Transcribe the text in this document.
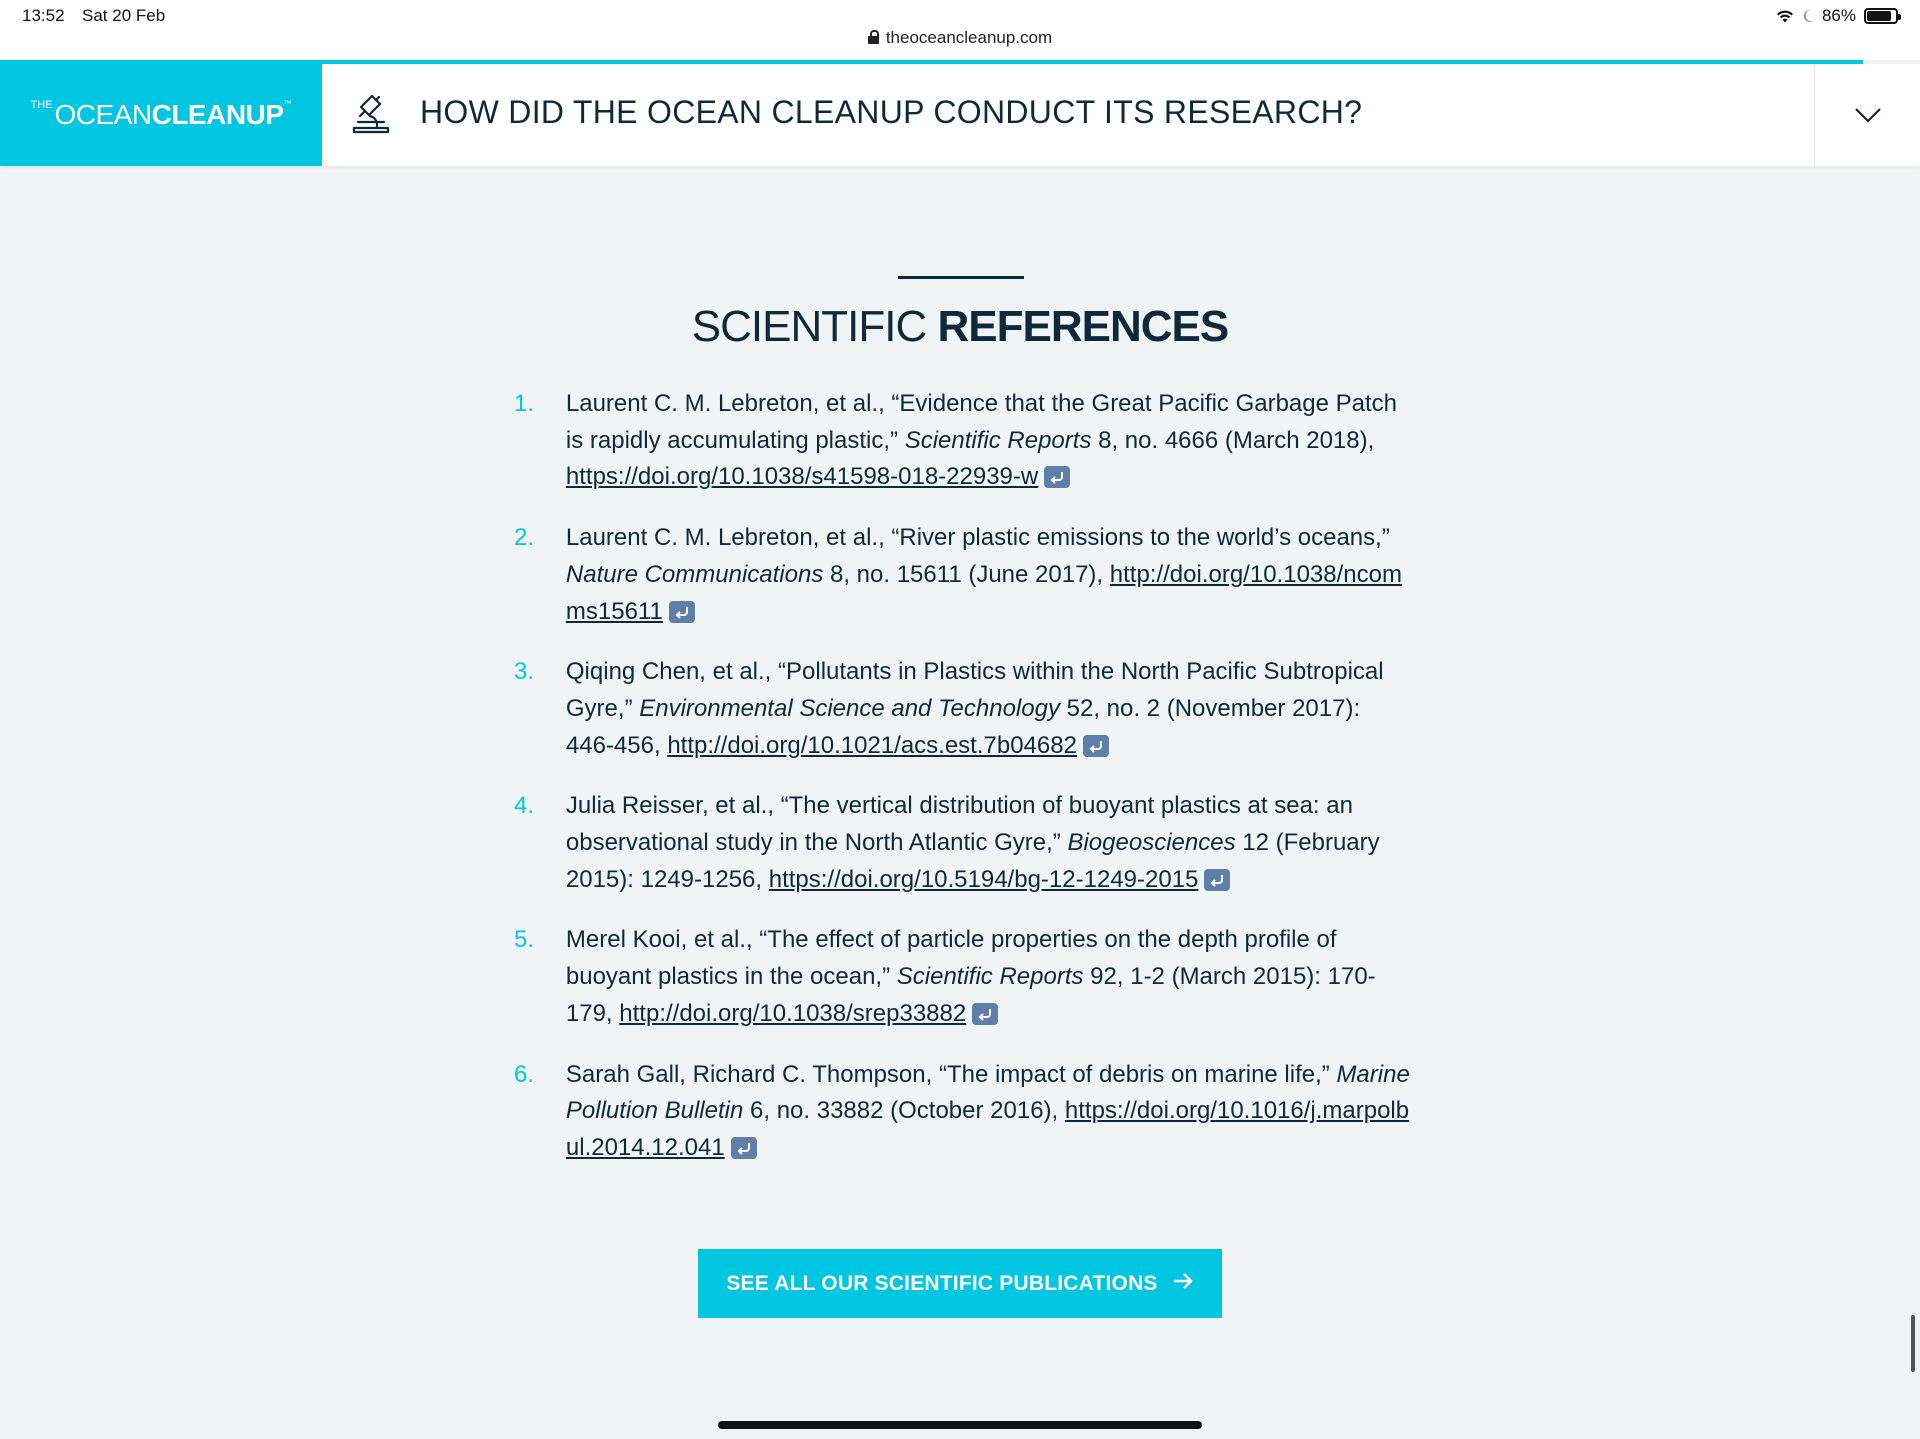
13:52 Sat 20 Feb
theoceancleanup.com
86%
THE OCEAN CLEANUP ™	HOW DID THE OCEAN CLEANUP CONDUCT ITS RESEARCH?
SCIENTIFIC REFERENCES
1.	Laurent C. M. Lebreton, et al., “Evidence that the Great Pacific Garbage Patch is rapidly accumulating plastic,” Scientific Reports 8, no. 4666 (March 2018), https://doi.org/10.1038/s41598-018-22939-w
2.	Laurent C. M. Lebreton, et al., “River plastic emissions to the world’s oceans,” Nature Communications 8, no. 15611 (June 2017), http://doi.org/10.1038/ncomms15611
3.	Qiqing Chen, et al., “Pollutants in Plastics within the North Pacific Subtropical Gyre,” Environmental Science and Technology 52, no. 2 (November 2017): 446-456, http://doi.org/10.1021/acs.est.7b04682
4.	Julia Reisser, et al., “The vertical distribution of buoyant plastics at sea: an observational study in the North Atlantic Gyre,” Biogeosciences 12 (February 2015): 1249-1256, https://doi.org/10.5194/bg-12-1249-2015
5.	Merel Kooi, et al., “The effect of particle properties on the depth profile of buoyant plastics in the ocean,” Scientific Reports 92, 1-2 (March 2015): 170-179, http://doi.org/10.1038/srep33882
6.	Sarah Gall, Richard C. Thompson, “The impact of debris on marine life,” Marine Pollution Bulletin 6, no. 33882 (October 2016), https://doi.org/10.1016/j.marpolbul.2014.12.041
SEE ALL OUR SCIENTIFIC PUBLICATIONS
